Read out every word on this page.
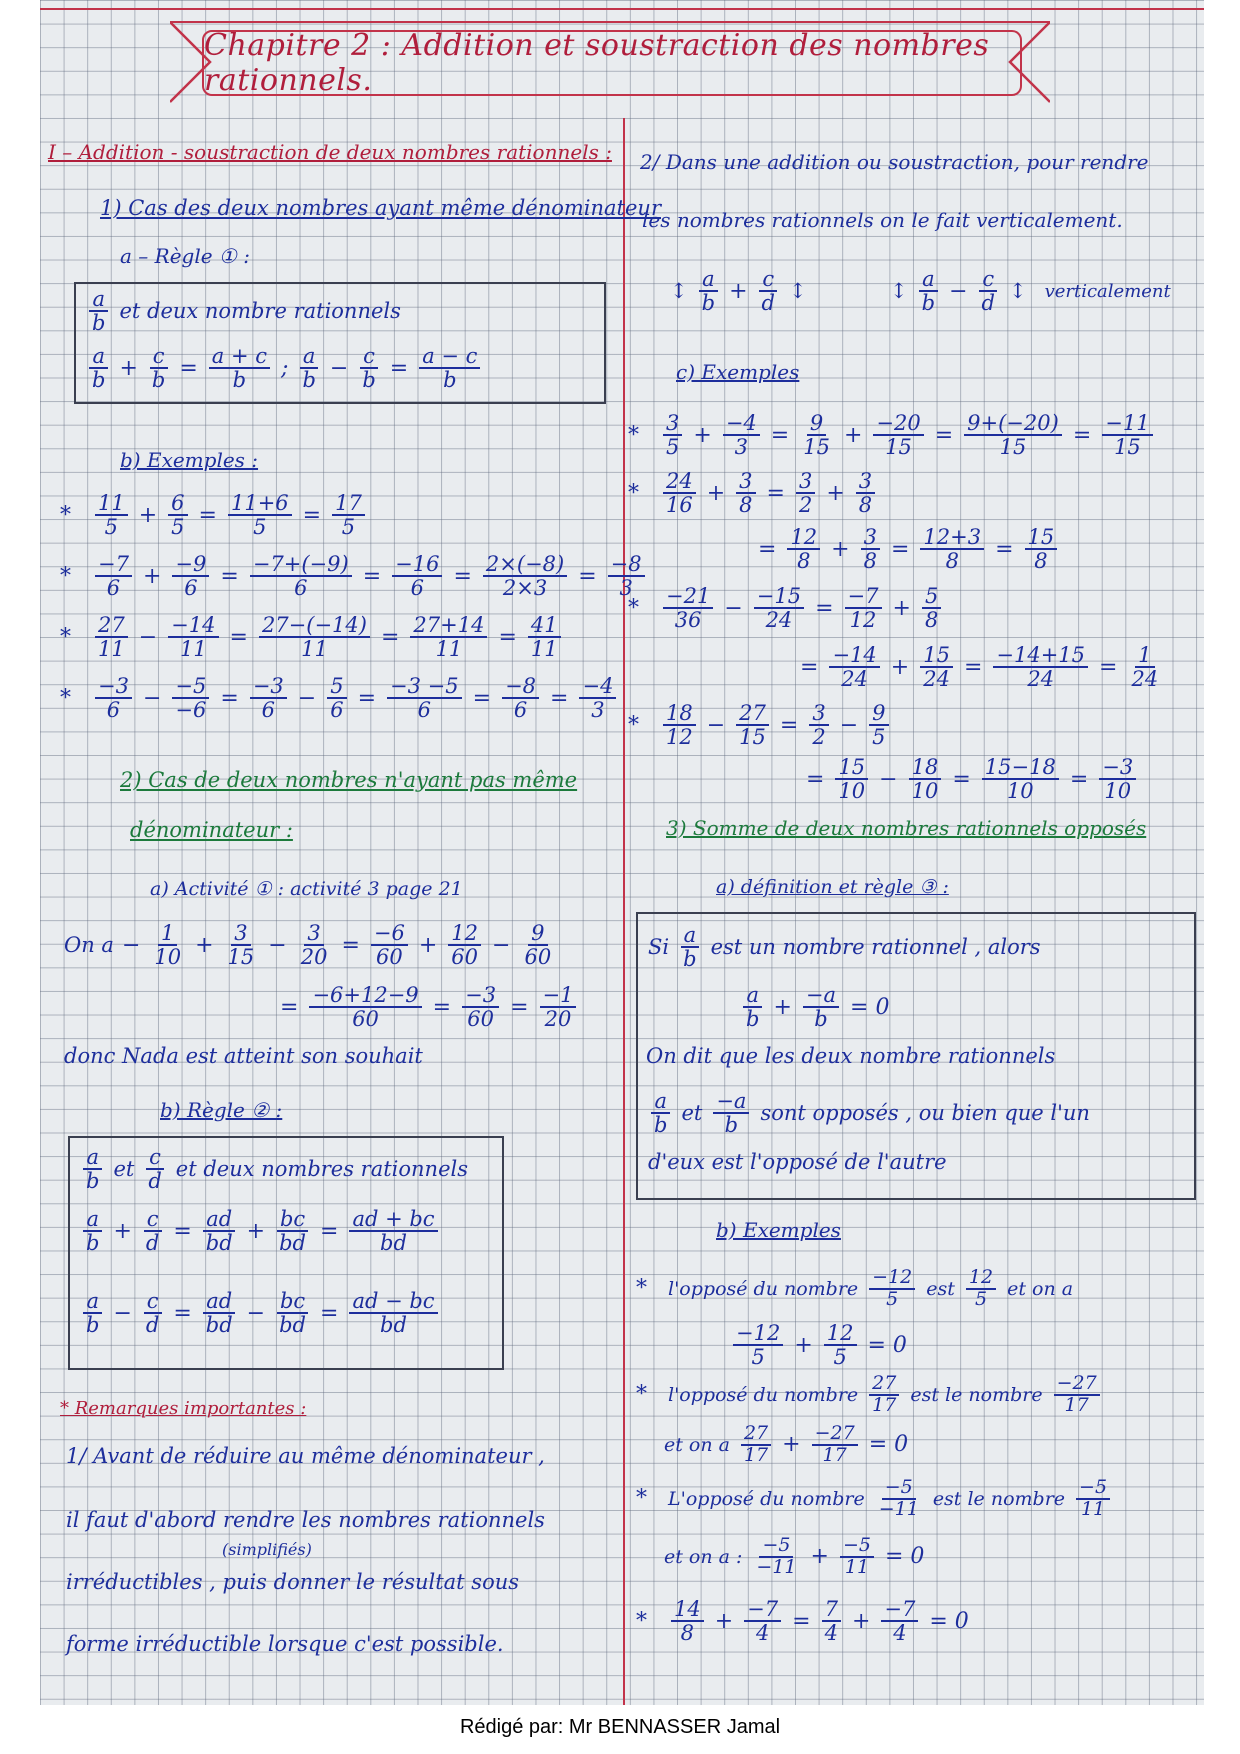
Chapitre 2 : Addition et soustraction des nombres rationnels.
I – Addition - soustraction de deux nombres rationnels :
1) Cas des deux nombres ayant même dénominateur
a – Règle ① :
$\frac{a}{b}$ et deux nombre rationnels
$\frac{a}{b} + \frac{c}{b} = \frac{a + c}{b}$ ; $\frac{a}{b} - \frac{c}{b} = \frac{a - c}{b}$
b) Exemples :
*	$\frac{11}{5} + \frac{6}{5} = \frac{11+6}{5} = \frac{17}{5}$
*	$\frac{-7}{6} + \frac{-9}{6} = \frac{-7+(-9)}{6} = \frac{-16}{6} = \frac{2\times(-8)}{2\times 3} = \frac{-8}{3}$
*	$\frac{27}{11} - \frac{-14}{11} = \frac{27-(-14)}{11} = \frac{27+14}{11} = \frac{41}{11}$
*	$\frac{-3}{6} - \frac{-5}{-6} = \frac{-3}{6} - \frac{5}{6} = \frac{-3 -5}{6} = \frac{-8}{6} = \frac{-4}{3}$
2) Cas de deux nombres n'ayant pas même
dénominateur :
a) Activité ① : activité 3 page 21
On $a - \frac{1}{10} + \frac{3}{15} - \frac{3}{20} = \frac{-6}{60} + \frac{12}{60} - \frac{9}{60}$
= $\frac{-6+12-9}{60} = \frac{-3}{60} = \frac{-1}{20}$
donc Nada est atteint son souhait
b) Règle ② :
$\frac{a}{b}$ et $\frac{c}{d}$ et deux nombres rationnels
$\frac{a}{b} + \frac{c}{d} = \frac{ad}{bd} + \frac{bc}{bd} = \frac{ad + bc}{bd}$
$\frac{a}{b} - \frac{c}{d} = \frac{ad}{bd} - \frac{bc}{bd} = \frac{ad - bc}{bd}$
* Remarques importantes :
1/ Avant de réduire au même dénominateur ,
il faut d'abord rendre les nombres rationnels
(simplifiés)
irréductibles , puis donner le résultat sous
forme irréductible lorsque c'est possible.
2/ Dans une addition ou soustraction, pour rendre
les nombres rationnels on le fait verticalement.
↕ $\frac{a}{b} + \frac{c}{d}$ ↕	↕ $\frac{a}{b} - \frac{c}{d}$ ↕ verticalement
c) Exemples
*	$\frac{3}{5} + \frac{-4}{3} = \frac{9}{15} + \frac{-20}{15} = \frac{9+(-20)}{15} = \frac{-11}{15}$
*	$\frac{24}{16} + \frac{3}{8} = \frac{3}{2} + \frac{3}{8}$
= $\frac{12}{8} + \frac{3}{8} = \frac{12+3}{8} = \frac{15}{8}$
*	$\frac{-21}{36} - \frac{-15}{24} = \frac{-7}{12} + \frac{5}{8}$
= $\frac{-14}{24} + \frac{15}{24} = \frac{-14+15}{24} = \frac{1}{24}$
*	$\frac{18}{12} - \frac{27}{15} = \frac{3}{2} - \frac{9}{5}$
= $\frac{15}{10} - \frac{18}{10} = \frac{15-18}{10} = \frac{-3}{10}$
3) Somme de deux nombres rationnels opposés
a) définition et règle ③ :
Si $\frac{a}{b}$ est un nombre rationnel , alors
$\frac{a}{b} + \frac{-a}{b} = 0$
On dit que les deux nombre rationnels
$\frac{a}{b}$ et $\frac{-a}{b}$ sont opposés , ou bien que l'un
d'eux est l'opposé de l'autre
b) Exemples
*	l'opposé du nombre $\frac{-12}{5}$ est $\frac{12}{5}$ et on a
$\frac{-12}{5} + \frac{12}{5} = 0$
*	l'opposé du nombre $\frac{27}{17}$ est le nombre $\frac{-27}{17}$
et on a $\frac{27}{17} + \frac{-27}{17} = 0$
*	L'opposé du nombre $\frac{-5}{-11}$ est le nombre $\frac{-5}{11}$
et on a : $\frac{-5}{-11} + \frac{-5}{11} = 0$
*	$\frac{14}{8} + \frac{-7}{4} = \frac{7}{4} + \frac{-7}{4} = 0$
Rédigé par: Mr BENNASSER Jamal
